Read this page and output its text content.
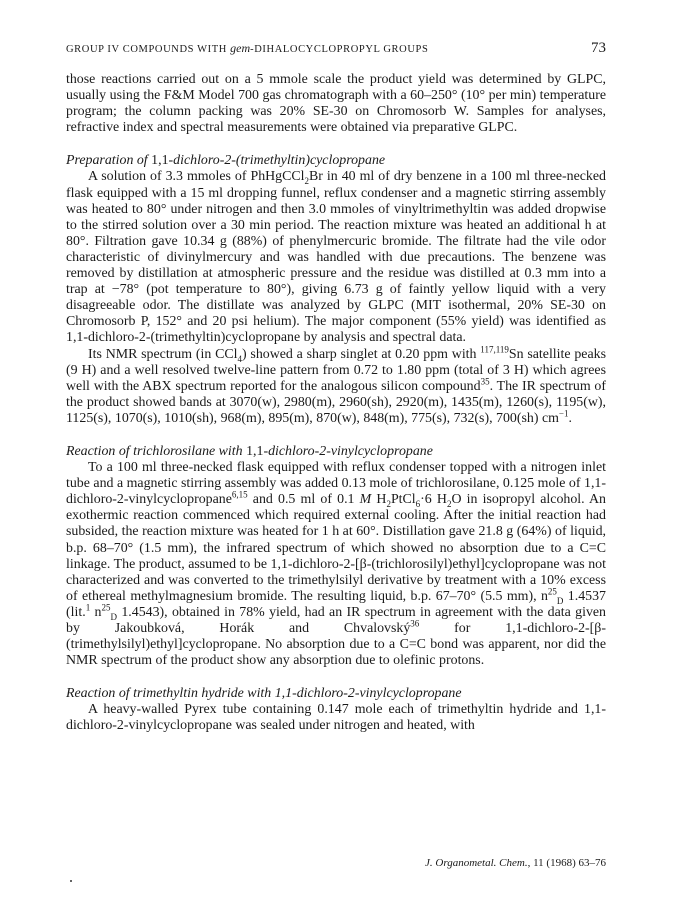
GROUP IV COMPOUNDS WITH gem-DIHALOCYCLOPROPYL GROUPS	73

those reactions carried out on a 5 mmole scale the product yield was determined by GLPC, usually using the F&M Model 700 gas chromatograph with a 60–250° (10° per min) temperature program; the column packing was 20% SE-30 on Chromosorb W. Samples for analyses, refractive index and spectral measurements were obtained via preparative GLPC.

Preparation of 1,1-dichloro-2-(trimethyltin)cyclopropane

A solution of 3.3 mmoles of PhHgCCl$_2$Br in 40 ml of dry benzene in a 100 ml three-necked flask equipped with a 15 ml dropping funnel, reflux condenser and a magnetic stirring assembly was heated to 80° under nitrogen and then 3.0 mmoles of vinyltrimethyltin was added dropwise to the stirred solution over a 30 min period. The reaction mixture was heated an additional h at 80°. Filtration gave 10.34 g (88%) of phenylmercuric bromide. The filtrate had the vile odor characteristic of divinylmercury and was handled with due precautions. The benzene was removed by distillation at atmospheric pressure and the residue was distilled at 0.3 mm into a trap at −78° (pot temperature to 80°), giving 6.73 g of faintly yellow liquid with a very disagreeable odor. The distillate was analyzed by GLPC (MIT isothermal, 20% SE-30 on Chromosorb P, 152° and 20 psi helium). The major component (55% yield) was identified as 1,1-dichloro-2-(trimethyltin)cyclopropane by analysis and spectral data.

Its NMR spectrum (in CCl$_4$) showed a sharp singlet at 0.20 ppm with $^{117,119}$Sn satellite peaks (9 H) and a well resolved twelve-line pattern from 0.72 to 1.80 ppm (total of 3 H) which agrees well with the ABX spectrum reported for the analogous silicon compound$^{35}$. The IR spectrum of the product showed bands at 3070(w), 2980(m), 2960(sh), 2920(m), 1435(m), 1260(s), 1195(w), 1125(s), 1070(s), 1010(sh), 968(m), 895(m), 870(w), 848(m), 775(s), 732(s), 700(sh) $cm^{-1}$.

Reaction of trichlorosilane with 1,1-dichloro-2-vinylcyclopropane

To a 100 ml three-necked flask equipped with reflux condenser topped with a nitrogen inlet tube and a magnetic stirring assembly was added 0.13 mole of trichlorosilane, 0.125 mole of 1,1-dichloro-2-vinylcyclopropane$^{6,15}$ and 0.5 ml of 0.1 M $H_2PtCl_6\cdot 6$ $H_2O$ in isopropyl alcohol. An exothermic reaction commenced which required external cooling. After the initial reaction had subsided, the reaction mixture was heated for 1 h at 60°. Distillation gave 21.8 g (64%) of liquid, b.p. 68–70° (1.5 mm), the infrared spectrum of which showed no absorption due to a C=C linkage. The product, assumed to be 1,1-dichloro-2-[β-(trichlorosilyl)ethyl]cyclopropane was not characterized and was converted to the trimethylsilyl derivative by treatment with a 10% excess of ethereal methylmagnesium bromide. The resulting liquid, b.p. 67–70° (5.5 mm), $n^{25}_D$ 1.4537 (lit.$^1$ $n^{25}_D$ 1.4543), obtained in 78% yield, had an IR spectrum in agreement with the data given by Jakoubková, Horák and Chvalovský$^{36}$ for 1,1-dichloro-2-[β-(trimethylsilyl)ethyl]cyclopropane. No absorption due to a C=C bond was apparent, nor did the NMR spectrum of the product show any absorption due to olefinic protons.

Reaction of trimethyltin hydride with 1,1-dichloro-2-vinylcyclopropane

A heavy-walled Pyrex tube containing 0.147 mole each of trimethyltin hydride and 1,1-dichloro-2-vinylcyclopropane was sealed under nitrogen and heated, with

J. Organometal. Chem., 11 (1968) 63–76
